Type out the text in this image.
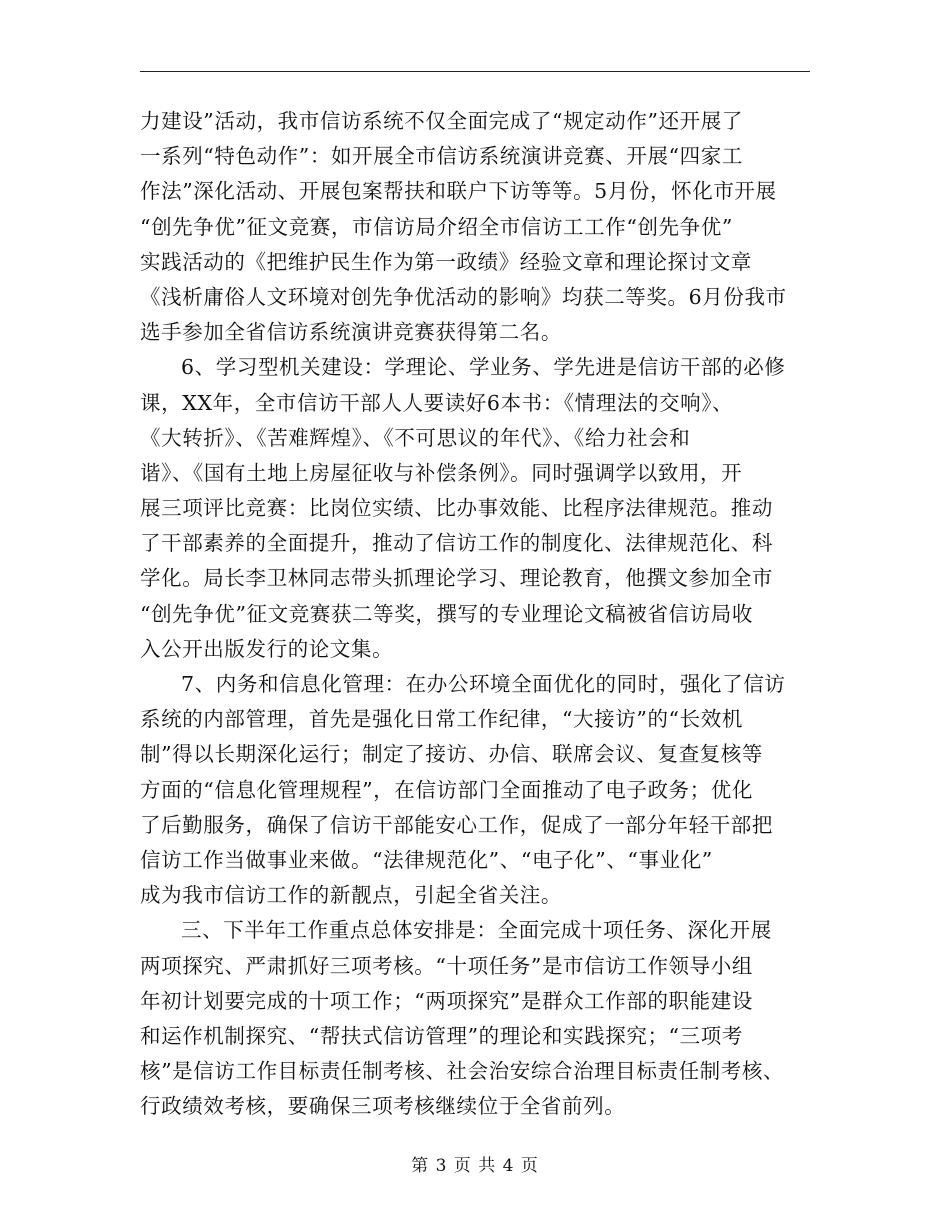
力建设”活动，我市信访系统不仅全面完成了“规定动作”还开展了
一系列“特色动作”：如开展全市信访系统演讲竞赛、开展“四家工
作法”深化活动、开展包案帮扶和联户下访等等。5月份，怀化市开展
“创先争优”征文竞赛，市信访局介绍全市信访工工作“创先争优”
实践活动的《把维护民生作为第一政绩》经验文章和理论探讨文章
《浅析庸俗人文环境对创先争优活动的影响》均获二等奖。6月份我市
选手参加全省信访系统演讲竞赛获得第二名。
6、学习型机关建设：学理论、学业务、学先进是信访干部的必修
课，XX年，全市信访干部人人要读好6本书：《情理法的交响》、
《大转折》、《苦难辉煌》、《不可思议的年代》、《给力社会和
谐》、《国有土地上房屋征收与补偿条例》。同时强调学以致用，开
展三项评比竞赛：比岗位实绩、比办事效能、比程序法律规范。推动
了干部素养的全面提升，推动了信访工作的制度化、法律规范化、科
学化。局长李卫林同志带头抓理论学习、理论教育，他撰文参加全市
“创先争优”征文竞赛获二等奖，撰写的专业理论文稿被省信访局收
入公开出版发行的论文集。
7、内务和信息化管理：在办公环境全面优化的同时，强化了信访
系统的内部管理，首先是强化日常工作纪律，“大接访”的“长效机
制”得以长期深化运行；制定了接访、办信、联席会议、复查复核等
方面的“信息化管理规程”，在信访部门全面推动了电子政务；优化
了后勤服务，确保了信访干部能安心工作，促成了一部分年轻干部把
信访工作当做事业来做。“法律规范化”、“电子化”、“事业化”
成为我市信访工作的新靓点，引起全省关注。
三、下半年工作重点总体安排是：全面完成十项任务、深化开展
两项探究、严肃抓好三项考核。“十项任务”是市信访工作领导小组
年初计划要完成的十项工作；“两项探究”是群众工作部的职能建设
和运作机制探究、“帮扶式信访管理”的理论和实践探究；“三项考
核”是信访工作目标责任制考核、社会治安综合治理目标责任制考核、
行政绩效考核，要确保三项考核继续位于全省前列。
第 3 页 共 4 页
